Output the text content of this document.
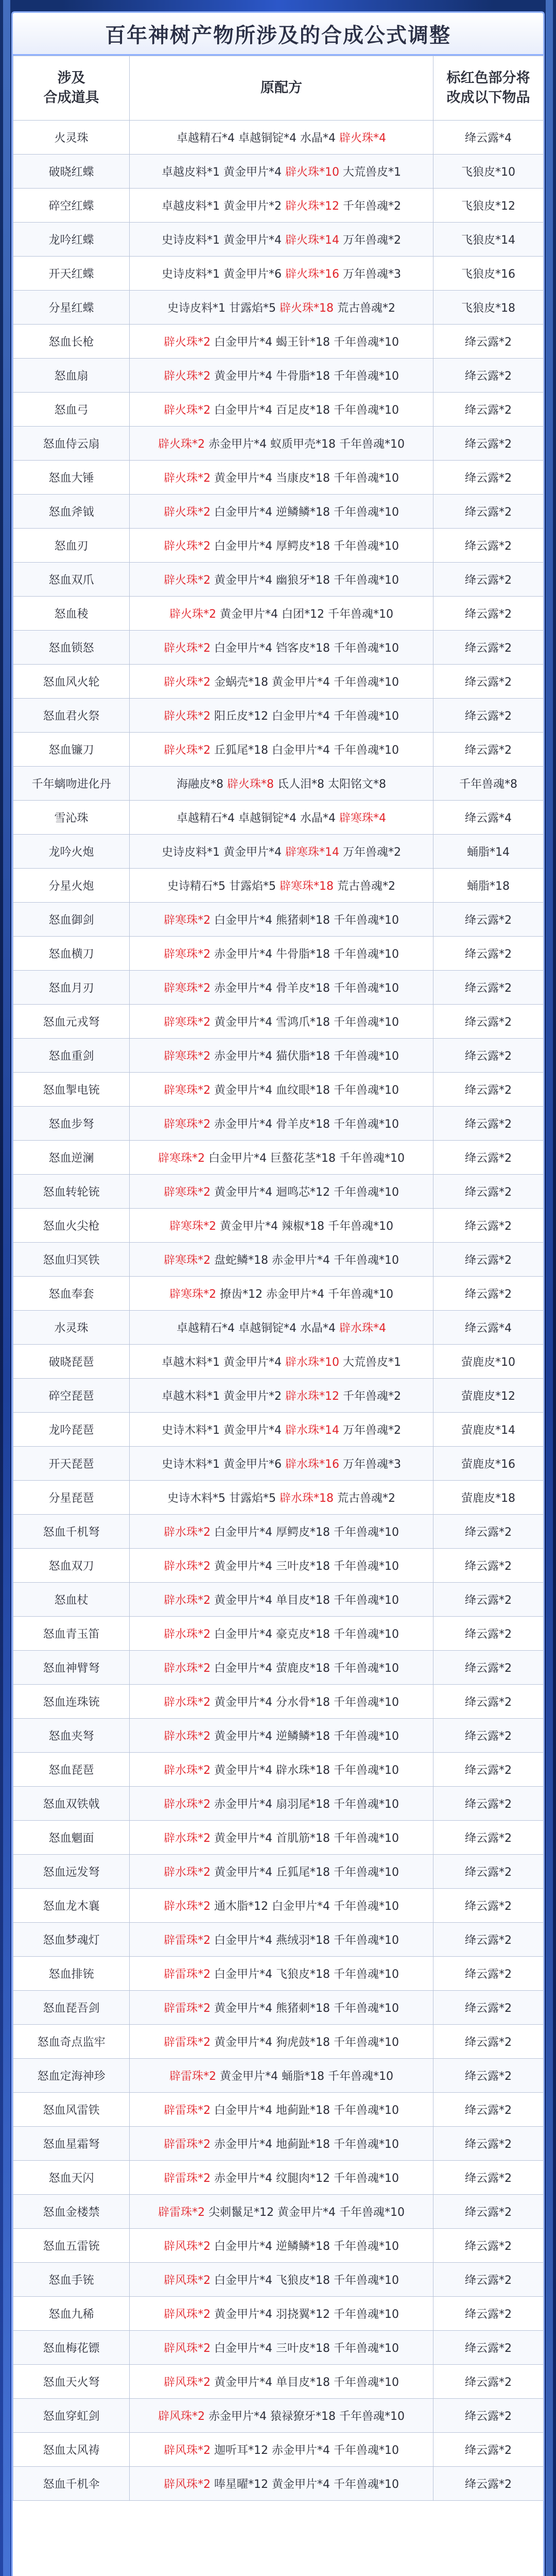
百年神树产物所涉及的合成公式调整
涉及
合成道具	原配方	标红色部分将
改成以下物品
火灵珠	卓越精石*4 卓越铜锭*4 水晶*4 辟火珠*4	绛云露*4
破晓红蝶	卓越皮料*1 黄金甲片*4 辟火珠*10 大荒兽皮*1	飞狼皮*10
碎空红蝶	卓越皮料*1 黄金甲片*2 辟火珠*12 千年兽魂*2	飞狼皮*12
龙吟红蝶	史诗皮料*1 黄金甲片*4 辟火珠*14 万年兽魂*2	飞狼皮*14
开天红蝶	史诗皮料*1 黄金甲片*6 辟火珠*16 万年兽魂*3	飞狼皮*16
分星红蝶	史诗皮料*1 甘露焰*5 辟火珠*18 荒古兽魂*2	飞狼皮*18
怒血长枪	辟火珠*2 白金甲片*4 蝎王针*18 千年兽魂*10	绛云露*2
怒血扇	辟火珠*2 黄金甲片*4 牛骨脂*18 千年兽魂*10	绛云露*2
怒血弓	辟火珠*2 白金甲片*4 百足皮*18 千年兽魂*10	绛云露*2
怒血侍云扇	辟火珠*2 赤金甲片*4 蚁质甲壳*18 千年兽魂*10	绛云露*2
怒血大锤	辟火珠*2 黄金甲片*4 当康皮*18 千年兽魂*10	绛云露*2
怒血斧钺	辟火珠*2 白金甲片*4 逆鳞鳞*18 千年兽魂*10	绛云露*2
怒血刃	辟火珠*2 白金甲片*4 厚鳄皮*18 千年兽魂*10	绛云露*2
怒血双爪	辟火珠*2 黄金甲片*4 幽狼牙*18 千年兽魂*10	绛云露*2
怒血稜	辟火珠*2 黄金甲片*4 白团*12 千年兽魂*10	绛云露*2
怒血锁怒	辟火珠*2 白金甲片*4 铛客皮*18 千年兽魂*10	绛云露*2
怒血风火轮	辟火珠*2 金蜗壳*18 黄金甲片*4 千年兽魂*10	绛云露*2
怒血君火祭	辟火珠*2 阳丘皮*12 白金甲片*4 千年兽魂*10	绛云露*2
怒血镰刀	辟火珠*2 丘狐尾*18 白金甲片*4 千年兽魂*10	绛云露*2
千年螭吻进化丹	海融皮*8 辟火珠*8 氐人泪*8 太阳铭文*8	千年兽魂*8
雪沁珠	卓越精石*4 卓越铜锭*4 水晶*4 辟寒珠*4	绛云露*4
龙吟火炮	史诗皮料*1 黄金甲片*4 辟寒珠*14 万年兽魂*2	蛹脂*14
分星火炮	史诗精石*5 甘露焰*5 辟寒珠*18 荒古兽魂*2	蛹脂*18
怒血御剑	辟寒珠*2 白金甲片*4 熊猪刺*18 千年兽魂*10	绛云露*2
怒血横刀	辟寒珠*2 赤金甲片*4 牛骨脂*18 千年兽魂*10	绛云露*2
怒血月刃	辟寒珠*2 赤金甲片*4 骨羊皮*18 千年兽魂*10	绛云露*2
怒血元戎弩	辟寒珠*2 黄金甲片*4 雪鸿爪*18 千年兽魂*10	绛云露*2
怒血重剑	辟寒珠*2 赤金甲片*4 猫伏脂*18 千年兽魂*10	绛云露*2
怒血掣电铳	辟寒珠*2 黄金甲片*4 血纹眼*18 千年兽魂*10	绛云露*2
怒血步弩	辟寒珠*2 赤金甲片*4 骨羊皮*18 千年兽魂*10	绛云露*2
怒血逆澜	辟寒珠*2 白金甲片*4 巨螯花茎*18 千年兽魂*10	绛云露*2
怒血转轮铳	辟寒珠*2 黄金甲片*4 迴鸣芯*12 千年兽魂*10	绛云露*2
怒血火尖枪	辟寒珠*2 黄金甲片*4 辣椒*18 千年兽魂*10	绛云露*2
怒血归冥铁	辟寒珠*2 盘蛇鳞*18 赤金甲片*4 千年兽魂*10	绛云露*2
怒血奉套	辟寒珠*2 撩齿*12 赤金甲片*4 千年兽魂*10	绛云露*2
水灵珠	卓越精石*4 卓越铜锭*4 水晶*4 辟水珠*4	绛云露*4
破晓琵琶	卓越木料*1 黄金甲片*4 辟水珠*10 大荒兽皮*1	萤鹿皮*10
碎空琵琶	卓越木料*1 黄金甲片*2 辟水珠*12 千年兽魂*2	萤鹿皮*12
龙吟琵琶	史诗木料*1 黄金甲片*4 辟水珠*14 万年兽魂*2	萤鹿皮*14
开天琵琶	史诗木料*1 黄金甲片*6 辟水珠*16 万年兽魂*3	萤鹿皮*16
分星琵琶	史诗木料*5 甘露焰*5 辟水珠*18 荒古兽魂*2	萤鹿皮*18
怒血千机弩	辟水珠*2 白金甲片*4 厚鳄皮*18 千年兽魂*10	绛云露*2
怒血双刀	辟水珠*2 黄金甲片*4 三叶皮*18 千年兽魂*10	绛云露*2
怒血杖	辟水珠*2 黄金甲片*4 单目皮*18 千年兽魂*10	绛云露*2
怒血青玉笛	辟水珠*2 白金甲片*4 豪克皮*18 千年兽魂*10	绛云露*2
怒血神臂弩	辟水珠*2 白金甲片*4 萤鹿皮*18 千年兽魂*10	绛云露*2
怒血连珠铳	辟水珠*2 黄金甲片*4 分水骨*18 千年兽魂*10	绛云露*2
怒血夹弩	辟水珠*2 黄金甲片*4 逆鳞鳞*18 千年兽魂*10	绛云露*2
怒血琵琶	辟水珠*2 黄金甲片*4 辟水珠*18 千年兽魂*10	绛云露*2
怒血双铁戟	辟水珠*2 赤金甲片*4 扇羽尾*18 千年兽魂*10	绛云露*2
怒血魍面	辟水珠*2 黄金甲片*4 首肌筋*18 千年兽魂*10	绛云露*2
怒血远发弩	辟水珠*2 黄金甲片*4 丘狐尾*18 千年兽魂*10	绛云露*2
怒血龙木襄	辟水珠*2 通木脂*12 白金甲片*4 千年兽魂*10	绛云露*2
怒血梦魂灯	辟雷珠*2 白金甲片*4 燕绒羽*18 千年兽魂*10	绛云露*2
怒血排铳	辟雷珠*2 白金甲片*4 飞狼皮*18 千年兽魂*10	绛云露*2
怒血琵吾剑	辟雷珠*2 黄金甲片*4 熊猪刺*18 千年兽魂*10	绛云露*2
怒血奇点监牢	辟雷珠*2 黄金甲片*4 狗虎鼓*18 千年兽魂*10	绛云露*2
怒血定海神珍	辟雷珠*2 黄金甲片*4 蛹脂*18 千年兽魂*10	绛云露*2
怒血风雷铁	辟雷珠*2 白金甲片*4 地蓟趾*18 千年兽魂*10	绛云露*2
怒血星霜弩	辟雷珠*2 赤金甲片*4 地蓟趾*18 千年兽魂*10	绛云露*2
怒血天闪	辟雷珠*2 赤金甲片*4 纹腿肉*12 千年兽魂*10	绛云露*2
怒血金楼禁	辟雷珠*2 尖刺鬣足*12 黄金甲片*4 千年兽魂*10	绛云露*2
怒血五雷铳	辟风珠*2 白金甲片*4 逆鳞鳞*18 千年兽魂*10	绛云露*2
怒血手铳	辟风珠*2 白金甲片*4 飞狼皮*18 千年兽魂*10	绛云露*2
怒血九稀	辟风珠*2 黄金甲片*4 羽挠翼*12 千年兽魂*10	绛云露*2
怒血梅花镖	辟风珠*2 白金甲片*4 三叶皮*18 千年兽魂*10	绛云露*2
怒血天火弩	辟风珠*2 黄金甲片*4 单目皮*18 千年兽魂*10	绛云露*2
怒血穿虹剑	辟风珠*2 赤金甲片*4 猿禄獠牙*18 千年兽魂*10	绛云露*2
怒血太风祷	辟风珠*2 迦听耳*12 赤金甲片*4 千年兽魂*10	绛云露*2
怒血千机伞	辟风珠*2 唪星曜*12 黄金甲片*4 千年兽魂*10	绛云露*2
